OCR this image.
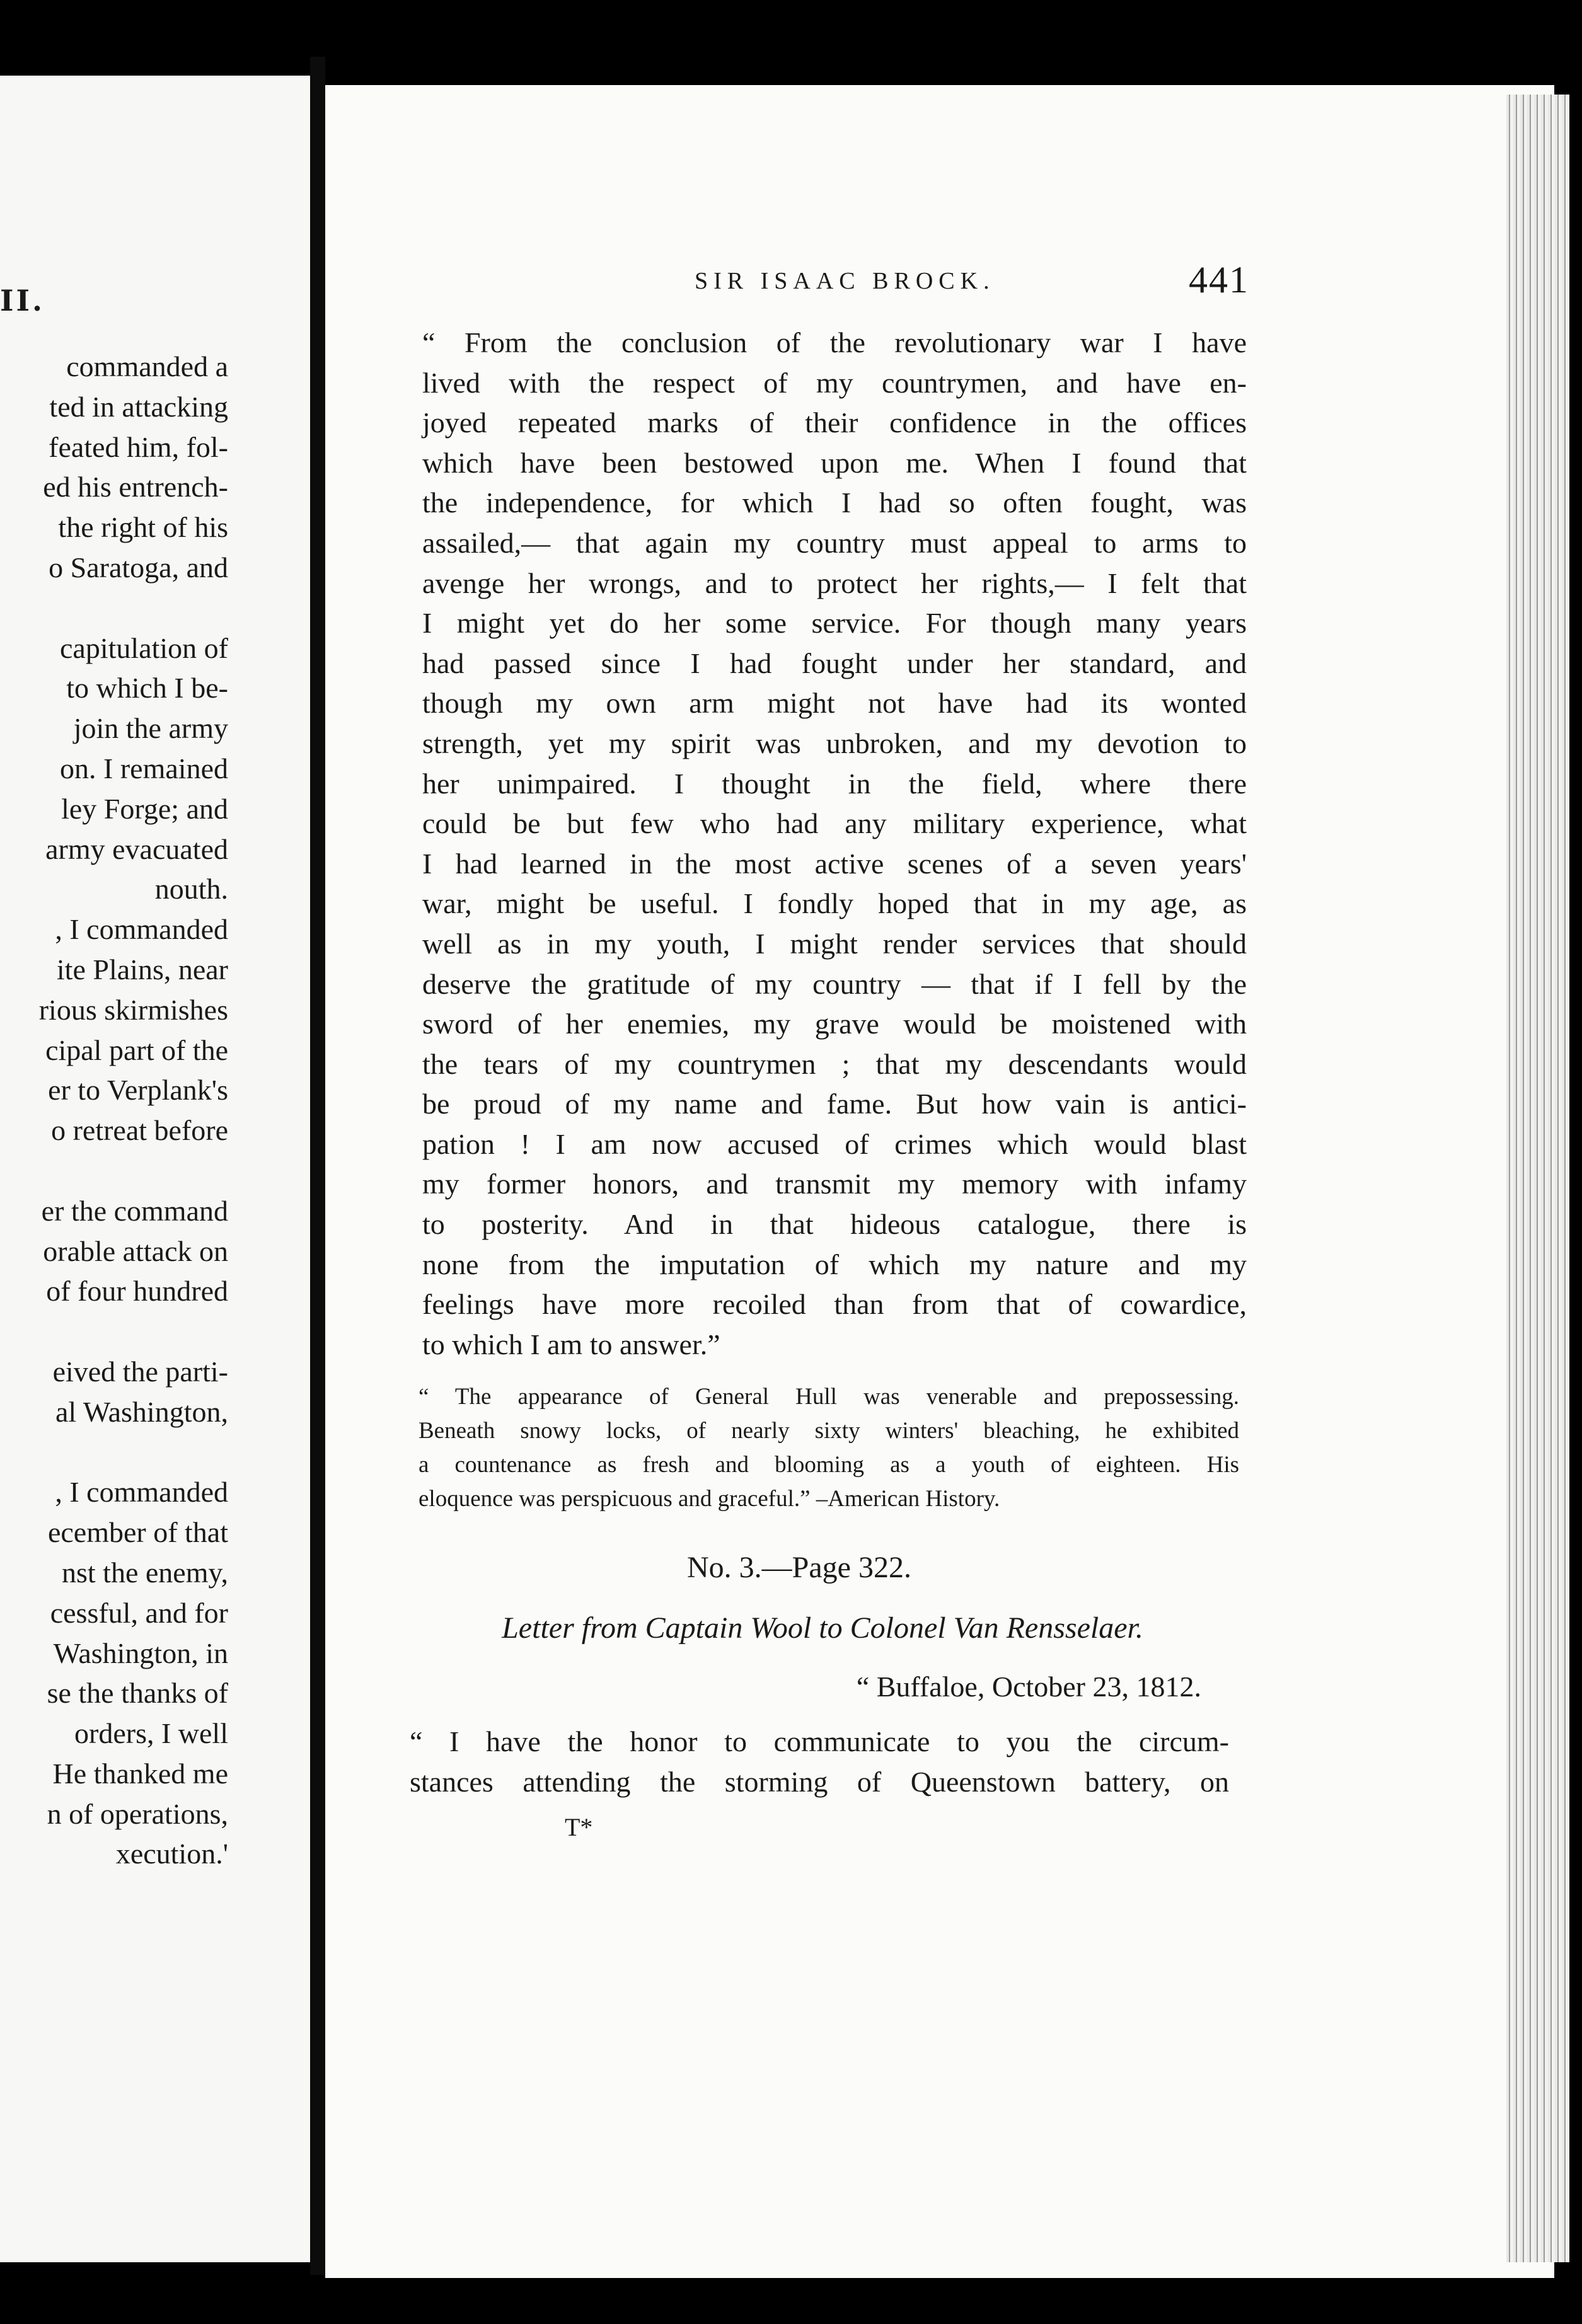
II.
commanded a
ted in attacking
feated him, fol-
ed his entrench-
the right of his
o Saratoga, and
capitulation of
to which I be-
join the army
on. I remained
ley Forge; and
army evacuated
nouth.
, I commanded
ite Plains, near
rious skirmishes
cipal part of the
er to Verplank's
o retreat before
er the command
orable attack on
of four hundred
eived the parti-
al Washington,
, I commanded
ecember of that
nst the enemy,
cessful, and for
Washington, in
se the thanks of
orders, I well
He thanked me
n of operations,
xecution.'
SIR ISAAC BROCK.	441
“ From the conclusion of the revolutionary war I have
lived with the respect of my countrymen, and have en-
joyed repeated marks of their confidence in the offices
which have been bestowed upon me. When I found that
the independence, for which I had so often fought, was
assailed,— that again my country must appeal to arms to
avenge her wrongs, and to protect her rights,— I felt that
I might yet do her some service. For though many years
had passed since I had fought under her standard, and
though my own arm might not have had its wonted
strength, yet my spirit was unbroken, and my devotion to
her unimpaired. I thought in the field, where there
could be but few who had any military experience, what
I had learned in the most active scenes of a seven years'
war, might be useful. I fondly hoped that in my age, as
well as in my youth, I might render services that should
deserve the gratitude of my country — that if I fell by the
sword of her enemies, my grave would be moistened with
the tears of my countrymen ; that my descendants would
be proud of my name and fame. But how vain is antici-
pation ! I am now accused of crimes which would blast
my former honors, and transmit my memory with infamy
to posterity. And in that hideous catalogue, there is
none from the imputation of which my nature and my
feelings have more recoiled than from that of cowardice,
to which I am to answer.”
“ The appearance of General Hull was venerable and prepossessing.
Beneath snowy locks, of nearly sixty winters' bleaching, he exhibited
a countenance as fresh and blooming as a youth of eighteen. His
eloquence was perspicuous and graceful.” –American History.
No. 3.—Page 322.
Letter from Captain Wool to Colonel Van Rensselaer.
“ Buffaloe, October 23, 1812.
“ I have the honor to communicate to you the circum-
stances attending the storming of Queenstown battery, on
T*
